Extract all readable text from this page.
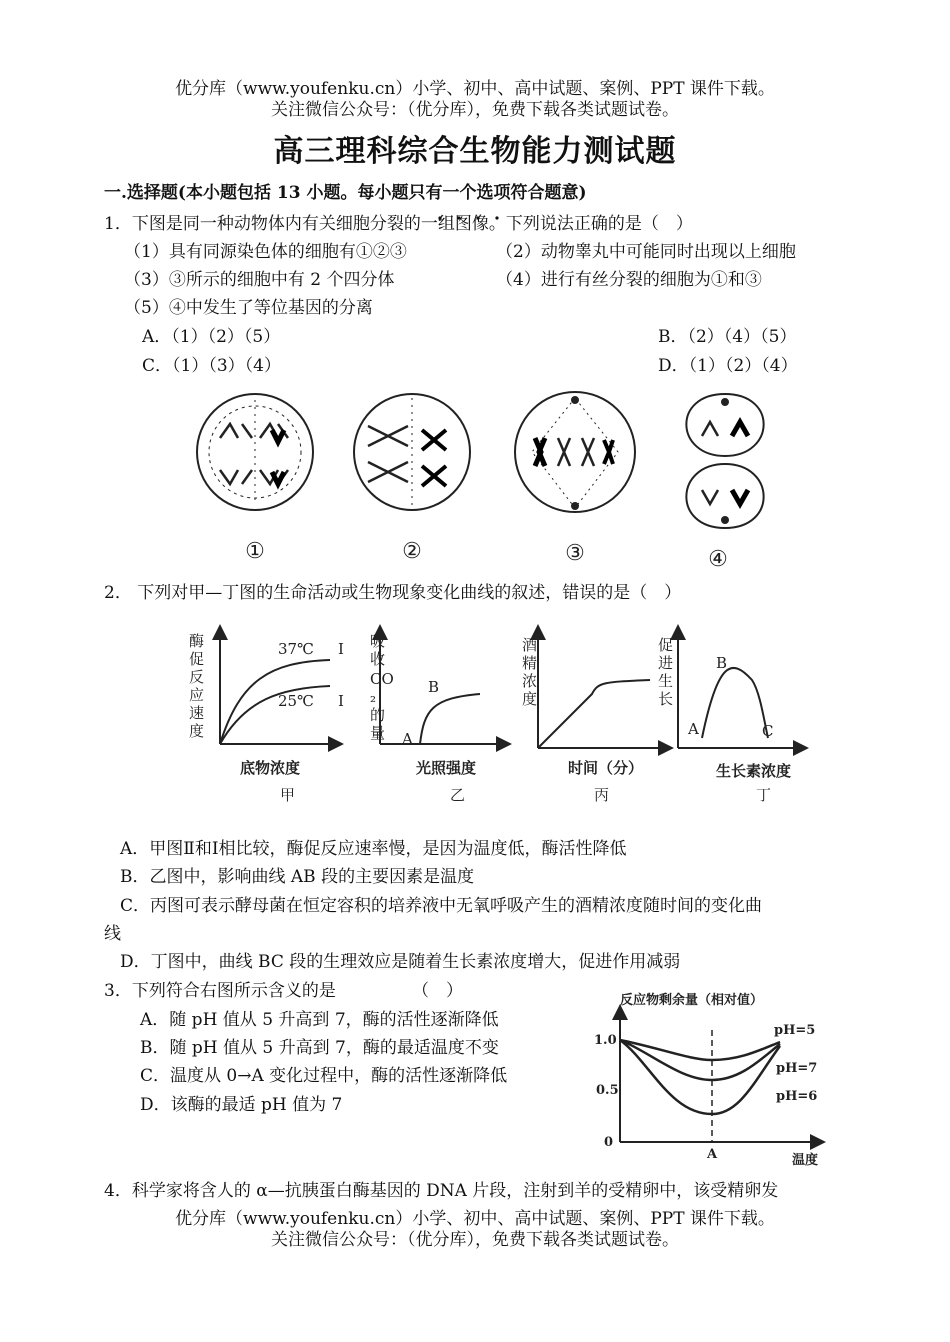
优分库（www.youfenku.cn）小学、初中、高中试题、案例、PPT 课件下载。
关注微信公众号：（优分库），免费下载各类试题试卷。
高三理科综合生物能力测试题
一.选择题(本小题包括 13 小题。每小题只有一个选项符合题意)
1．下图是同一种动物体内有关细胞分裂的一组图像。下列说法正确的是（　）
（1）具有同源染色体的细胞有①②③	（2）动物睾丸中可能同时出现以上细胞
（3）③所示的细胞中有 2 个四分体	（4）进行有丝分裂的细胞为①和③
（5）④中发生了等位基因的分离
A．（1）（2）（5）	B．（2）（4）（5）
C．（1）（3）（4）	D．（1）（2）（4）
①	②	③	④
2． 下列对甲—丁图的生命活动或生物现象变化曲线的叙述，错误的是（　）
酶
促
反
应
速
度
37℃ I
25℃ I
底物浓度
甲
吸
收
CO
₂
的
量 A
B
光照强度
乙
酒
精
浓
度
时间（分）
丙
促
进
生
长
A
B
C
生长素浓度
丁
A．甲图Ⅱ和Ⅰ相比较，酶促反应速率慢，是因为温度低，酶活性降低
B．乙图中，影响曲线 AB 段的主要因素是温度
C．丙图可表示酵母菌在恒定容积的培养液中无氧呼吸产生的酒精浓度随时间的变化曲
线
D．丁图中，曲线 BC 段的生理效应是随着生长素浓度增大，促进作用减弱
3．下列符合右图所示含义的是	（　）
A．随 pH 值从 5 升高到 7，酶的活性逐渐降低
B．随 pH 值从 5 升高到 7，酶的最适温度不变
C．温度从 0→A 变化过程中，酶的活性逐渐降低
D．该酶的最适 pH 值为 7
反应物剩余量（相对值）
1.0
0.5
0
A	温度
pH=5
pH=7
pH=6
4．科学家将含人的 α—抗胰蛋白酶基因的 DNA 片段，注射到羊的受精卵中，该受精卵发
优分库（www.youfenku.cn）小学、初中、高中试题、案例、PPT 课件下载。
关注微信公众号：（优分库），免费下载各类试题试卷。
